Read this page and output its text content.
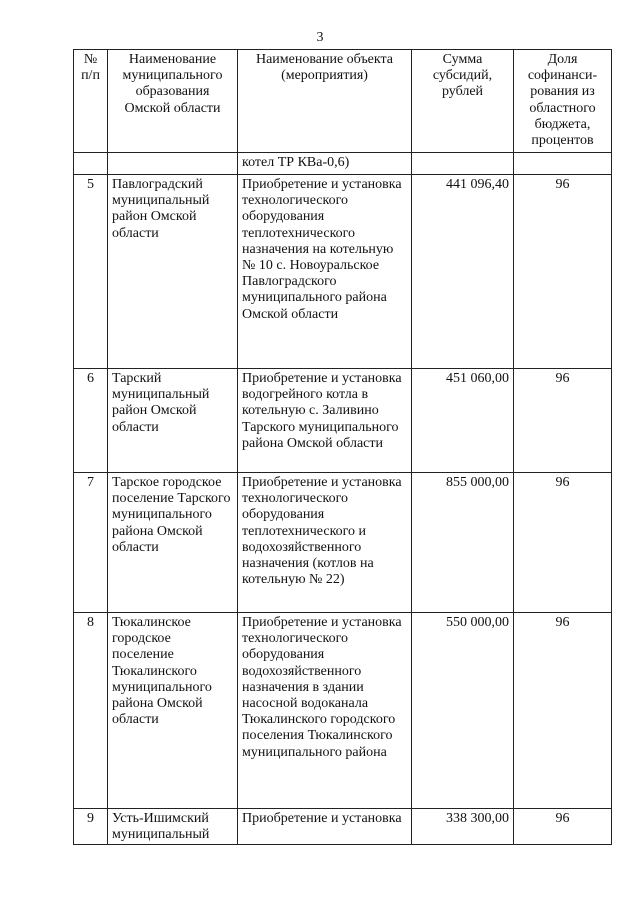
3
№
п/п	Наименование муниципального образования Омской области	Наименование объекта (мероприятия)	Сумма субсидий, рублей	Доля софинанси-рования из областного бюджета, процентов
		котел ТР КВа-0,6)		
5	Павлоградский муниципальный район Омской области	Приобретение и установка технологического оборудования теплотехнического назначения на котельную № 10 с. Новоуральское Павлоградского муниципального района Омской области	441 096,40	96
6	Тарский муниципальный район Омской области	Приобретение и установка водогрейного котла в котельную с. Заливино Тарского муниципального района Омской области	451 060,00	96
7	Тарское городское поселение Тарского муниципального района Омской области	Приобретение и установка технологического оборудования теплотехнического и водохозяйственного назначения (котлов на котельную № 22)	855 000,00	96
8	Тюкалинское городское поселение Тюкалинского муниципального района Омской области	Приобретение и установка технологического оборудования водохозяйственного назначения в здании насосной водоканала Тюкалинского городского поселения Тюкалинского муниципального района	550 000,00	96
9	Усть-Ишимский муниципальный	Приобретение и установка	338 300,00	96
